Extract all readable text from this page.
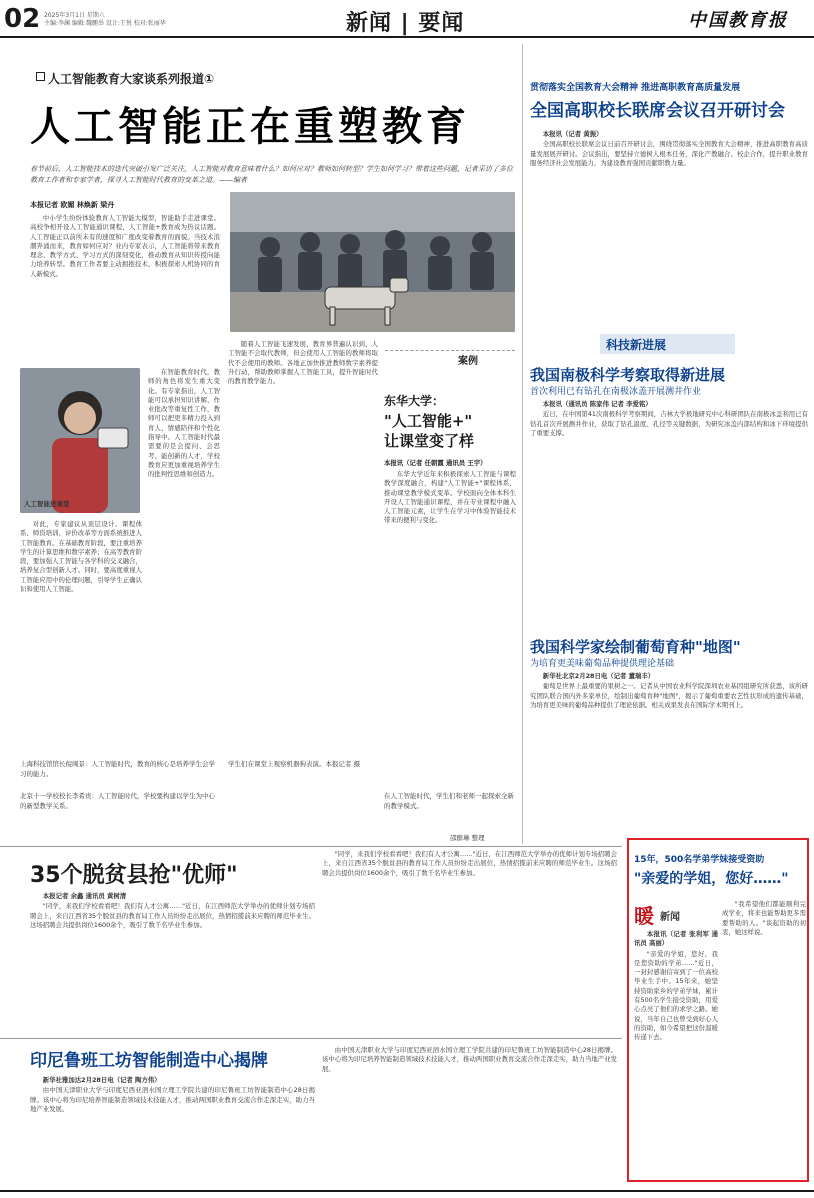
02 2025年3月1日 星期六
主编:李澜 编辑:魏鹏举 设计:王悦 校对:张丽华	新闻 | 要闻	中国教育报
人工智能教育大家谈系列报道①
人工智能正在重塑教育
春节前后，人工智能技术的迭代突破引发广泛关注，人工智能对教育意味着什么？如何应对？教师如何转型？学生如何学习？带着这些问题，记者采访了多位教育工作者和专家学者，探寻人工智能时代教育的变革之道。——编者
本报记者 欧媚 林焕新 梁丹

中小学生纷纷体验教育人工智能大模型，智能助手走进课堂。高校争相开设人工智能通识课程，人工智能+教育成为热议话题。人工智能正以前所未有的速度和广度改变着教育的面貌。当技术浪潮奔涌而来，教育如何应对？业内专家表示，人工智能将带来教育理念、教学方式、学习方式的深刻变化，推动教育从知识传授向能力培养转型。教育工作者要主动拥抱技术，积极探索人机协同的育人新模式。

在智能教育时代，教师的角色将发生重大变化。有专家指出，人工智能可以承担知识讲解、作业批改等重复性工作，教师可以把更多精力投入到育人、情感陪伴和个性化指导中。人工智能时代最需要的是会提问、会思考、能创新的人才，学校教育应更加重视培养学生的批判性思维和创造力。

对此，专家建议从顶层设计、课程体系、师资培训、评价改革等方面系统推进人工智能教育。在基础教育阶段，要注重培养学生的计算思维和数字素养；在高等教育阶段，要加强人工智能与各学科的交叉融合，培养复合型创新人才。同时，要高度重视人工智能应用中的伦理问题，引导学生正确认识和使用人工智能。

随着人工智能飞速发展，教育界普遍认识到，人工智能不会取代教师，但会使用人工智能的教师将取代不会使用的教师。各地正加快推进教师数字素养提升行动，帮助教师掌握人工智能工具，提升智能时代的教育教学能力。

上海科技馆馆长倪闽景：人工智能时代，教育的核心是培养学生会学习的能力。
北京十一学校校长李希贵：人工智能时代，学校要构建以学生为中心的新型教学关系。
学生们在课堂上观察机器狗表演。本报记者 摄
人工智能进课堂
案例
东华大学：
"人工智能+"
让课堂变了样
本报讯（记者 任朝霞 通讯员 王宇）

东华大学近年来积极探索人工智能与课程教学深度融合，构建"人工智能+"课程体系，推动课堂教学模式变革。学校面向全体本科生开设人工智能通识课程，并在专业课程中融入人工智能元素，让学生在学习中体验智能技术带来的便利与变化。

在人工智能时代，学生们和老师一起探索全新的教学模式。
邵醉琳 整理
贯彻落实全国教育大会精神 推进高职教育高质量发展
全国高职校长联席会议召开研讨会

本报讯（记者 黄振）

全国高职校长联席会议日前召开研讨会，围绕贯彻落实全国教育大会精神、推进高职教育高质量发展展开研讨。会议指出，要坚持立德树人根本任务，深化产教融合、校企合作，提升职业教育服务经济社会发展能力，为建设教育强国贡献职教力量。

科技新进展
我国南极科学考察取得新进展
首次利用已有钻孔在南极冰盖开展测井作业

本报讯（通讯员 陈家伟 记者 李爱铭）

近日，在中国第41次南极科学考察期间，吉林大学极地研究中心科研团队在南极冰盖利用已有钻孔首次开展测井作业，获取了钻孔温度、孔径等关键数据，为研究冰盖内部结构和冰下环境提供了重要支撑。

我国科学家绘制葡萄育种"地图"
为培育更美味葡萄品种提供理论基础

新华社北京2月28日电（记者 董瑞丰）

葡萄是世界上最重要的果树之一。记者从中国农业科学院深圳农业基因组研究所获悉，该所研究团队联合国内外多家单位，绘制出葡萄育种"地图"，揭示了葡萄重要农艺性状形成的遗传基础，为培育更美味的葡萄品种提供了理论依据。相关成果发表在国际学术期刊上。

35个脱贫县抢"优师"

本报记者 余鑫 通讯员 黄树清

"同学，来我们学校看看吧！我们有人才公寓……"近日，在江西师范大学举办的优师计划专场招聘会上，来自江西省35个脱贫县的教育局工作人员纷纷走出展位，热情招揽前来应聘的师范毕业生。这场招聘会共提供岗位1600余个，吸引了数千名毕业生参加。

"同学，来我们学校看看吧！我们有人才公寓……"近日，在江西师范大学举办的优师计划专场招聘会上，来自江西省35个脱贫县的教育局工作人员纷纷走出展位，热情招揽前来应聘的师范毕业生。这场招聘会共提供岗位1600余个，吸引了数千名毕业生参加。

印尼鲁班工坊智能制造中心揭牌

新华社雅加达2月28日电（记者 陶方伟）

由中国天津职业大学与印度尼西亚泗水国立理工学院共建的印尼鲁班工坊智能制造中心28日揭牌。该中心将为印尼培养智能制造领域技术技能人才，推动两国职业教育交流合作走深走实，助力当地产业发展。

由中国天津职业大学与印度尼西亚泗水国立理工学院共建的印尼鲁班工坊智能制造中心28日揭牌。该中心将为印尼培养智能制造领域技术技能人才，推动两国职业教育交流合作走深走实，助力当地产业发展。

15年，500名学弟学妹接受资助
"亲爱的学姐，您好……"
暖 新闻

本报讯（记者 张利军 通讯员 高丽）

"亲爱的学姐，您好，我是您资助的学弟……"近日，一封封感谢信寄到了一位高校毕业生手中。15年来，她坚持资助家乡的学弟学妹，累计有500名学生接受资助，用爱心点亮了他们的求学之路。她说，当年自己也曾受到好心人的资助，如今希望把这份温暖传递下去。

"我希望他们都能顺利完成学业，将来也能帮助更多需要帮助的人。"谈起资助的初衷，她这样说。
